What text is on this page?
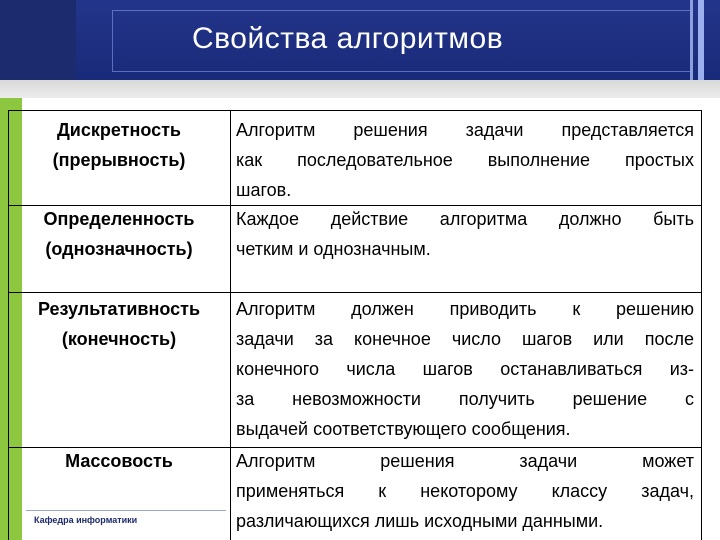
Свойства алгоритмов
Дискретность
(прерывность)
Алгоритм решения задачи представляется
как последовательное выполнение простых
шагов.
Определенность
(однозначность)
Каждое действие алгоритма должно быть
четким и однозначным.
Результативность
(конечность)
Алгоритм должен приводить к решению
задачи за конечное число шагов или после
конечного числа шагов останавливаться из-
за невозможности получить решение с
выдачей соответствующего сообщения.
Массовость	Алгоритм решения задачи может
применяться к некоторому классу задач,
различающихся лишь исходными данными.
Кафедра информатики
